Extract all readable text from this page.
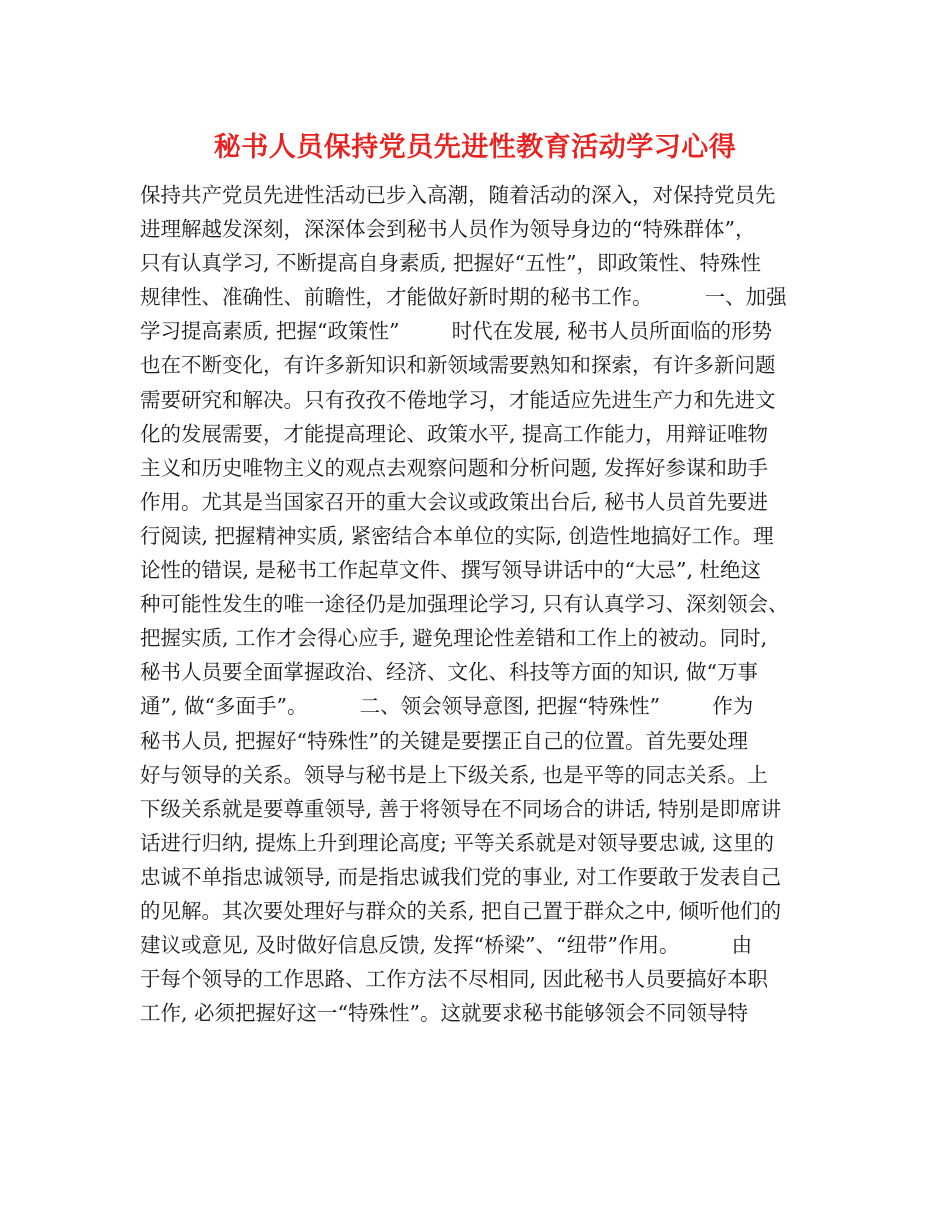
秘书人员保持党员先进性教育活动学习心得
保持共产党员先进性活动已步入高潮，随着活动的深入，对保持党员先
进理解越发深刻，深深体会到秘书人员作为领导身边的“特殊群体”，
只有认真学习, 不断提高自身素质, 把握好“五性”，即政策性、特殊性
规律性、准确性、前瞻性，才能做好新时期的秘书工作。        一、加强
学习提高素质, 把握“政策性”        时代在发展, 秘书人员所面临的形势
也在不断变化，有许多新知识和新领域需要熟知和探索，有许多新问题
需要研究和解决。只有孜孜不倦地学习，才能适应先进生产力和先进文
化的发展需要，才能提高理论、政策水平, 提高工作能力，用辩证唯物
主义和历史唯物主义的观点去观察问题和分析问题, 发挥好参谋和助手
作用。尤其是当国家召开的重大会议或政策出台后, 秘书人员首先要进
行阅读, 把握精神实质, 紧密结合本单位的实际, 创造性地搞好工作。理
论性的错误, 是秘书工作起草文件、撰写领导讲话中的“大忌”, 杜绝这
种可能性发生的唯一途径仍是加强理论学习, 只有认真学习、深刻领会、
把握实质, 工作才会得心应手, 避免理论性差错和工作上的被动。同时,
秘书人员要全面掌握政治、经济、文化、科技等方面的知识, 做“万事
通”, 做“多面手”。        二、领会领导意图, 把握“特殊性”        作为
秘书人员, 把握好“特殊性”的关键是要摆正自己的位置。首先要处理
好与领导的关系。领导与秘书是上下级关系, 也是平等的同志关系。上
下级关系就是要尊重领导, 善于将领导在不同场合的讲话, 特别是即席讲
话进行归纳, 提炼上升到理论高度; 平等关系就是对领导要忠诚, 这里的
忠诚不单指忠诚领导, 而是指忠诚我们党的事业, 对工作要敢于发表自己
的见解。其次要处理好与群众的关系, 把自己置于群众之中, 倾听他们的
建议或意见, 及时做好信息反馈, 发挥“桥梁”、“纽带”作用。        由
于每个领导的工作思路、工作方法不尽相同, 因此秘书人员要搞好本职
工作, 必须把握好这一“特殊性”。这就要求秘书能够领会不同领导特
